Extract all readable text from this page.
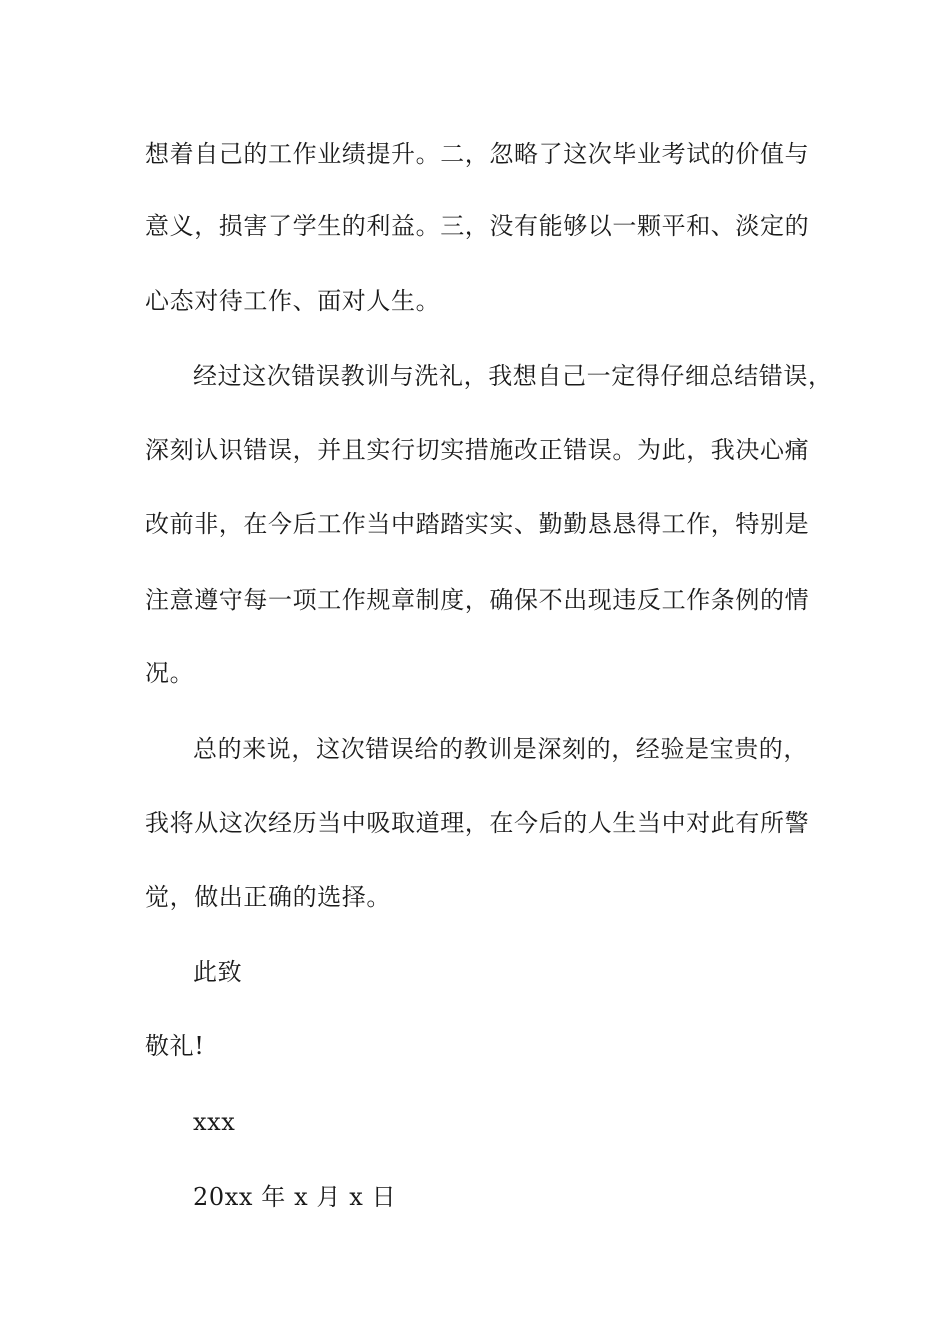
想着自己的工作业绩提升。二，忽略了这次毕业考试的价值与
意义，损害了学生的利益。三，没有能够以一颗平和、淡定的
心态对待工作、面对人生。
经过这次错误教训与洗礼，我想自己一定得仔细总结错误，
深刻认识错误，并且实行切实措施改正错误。为此，我决心痛
改前非，在今后工作当中踏踏实实、勤勤恳恳得工作，特别是
注意遵守每一项工作规章制度，确保不出现违反工作条例的情
况。
总的来说，这次错误给的教训是深刻的，经验是宝贵的，
我将从这次经历当中吸取道理，在今后的人生当中对此有所警
觉，做出正确的选择。
此致
敬礼!
xxx
20xx 年 x 月 x 日
